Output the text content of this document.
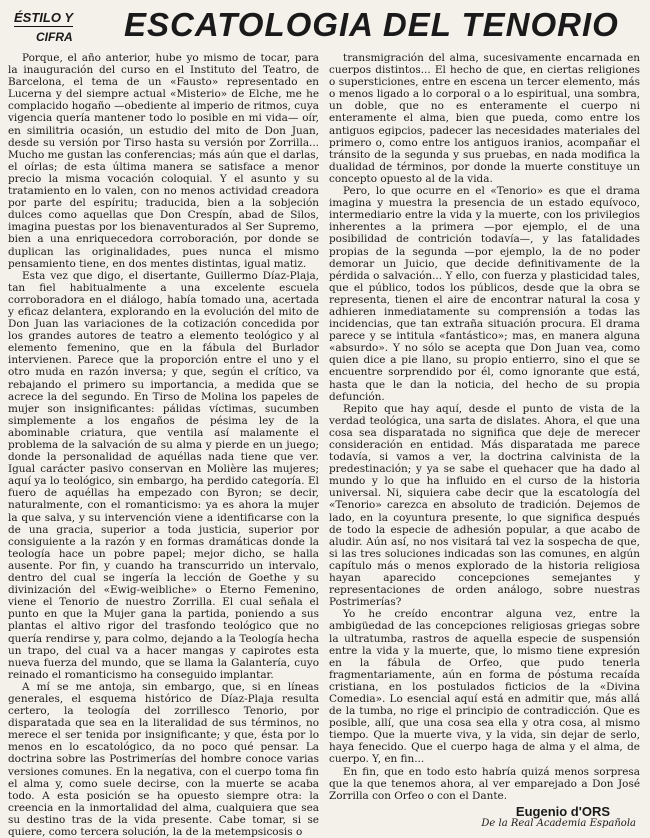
ÉSTILO Y
CIFRA ESCATOLOGIA DEL TENORIO

Porque, el año anterior, hube yo mismo de tocar, para la inauguración del curso en el Instituto del Teatro, de Barcelona, el tema de un «Fausto» representado en Lucerna y del siempre actual «Misterio» de Elche, me he complacido hogaño —obediente al imperio de ritmos, cuya vigencia quería mantener todo lo posible en mi vida— oír, en similitria ocasión, un estudio del mito de Don Juan, desde su versión por Tirso hasta su versión por Zorrilla... Mucho me gustan las conferencias; más aún que el darlas, el oírlas; de esta última manera se satisface a menor precio la misma vocación coloquial. Y el asunto y su tratamiento en lo valen, con no menos actividad creadora por parte del espíritu; traducida, bien a la sobjeción dulces como aquellas que Don Crespín, abad de Silos, imagina puestas por los bienaventurados al Ser Supremo, bien a una enriquecedora corroboración, por donde se duplican las originalidades, pues nunca el mismo pensamiento tiene, en dos mentes distintas, igual matiz.

Esta vez que digo, el disertante, Guillermo Díaz-Plaja, tan fiel habitualmente a una excelente escuela corroboradora en el diálogo, había tomado una, acertada y eficaz delantera, explorando en la evolución del mito de Don Juan las variaciones de la cotización concedida por los grandes autores de teatro a elemento teológico y al elemento femenino, que en la fábula del Burlador intervienen. Parece que la proporción entre el uno y el otro muda en razón inversa; y que, según el crítico, va rebajando el primero su importancia, a medida que se acrece la del segundo. En Tirso de Molina los papeles de mujer son insignificantes: pálidas víctimas, sucumben simplemente a los engaños de pésima ley de la abominable criatura, que ventila así malamente el problema de la salvación de su alma y pierde en un juego; donde la personalidad de aquéllas nada tiene que ver. Igual carácter pasivo conservan en Molière las mujeres; aquí ya lo teológico, sin embargo, ha perdido categoría. El fuero de aquéllas ha empezado con Byron; se decir, naturalmente, con el romanticismo: ya es ahora la mujer la que salva, y su intervención viene a identificarse con la de una gracia, superior a toda justicia, superior por consiguiente a la razón y en formas dramáticas donde la teología hace un pobre papel; mejor dicho, se halla ausente. Por fin, y cuando ha transcurrido un intervalo, dentro del cual se ingería la lección de Goethe y su divinización del «Ewig-weibliche» o Eterno Femenino, viene el Tenorio de nuestro Zorrilla. El cual señala el punto en que la Mujer gana la partida, poniendo a sus plantas el altivo rigor del trasfondo teológico que no quería rendirse y, para colmo, dejando a la Teología hecha un trapo, del cual va a hacer mangas y capirotes esta nueva fuerza del mundo, que se llama la Galantería, cuyo reinado el romanticismo ha conseguido implantar.

A mí se me antoja, sin embargo, que, si en líneas generales, el esquema histórico de Díaz-Plaja resulta certero, la teología del zorrillesco Tenorio, por disparatada que sea en la literalidad de sus términos, no merece el ser tenida por insignificante; y que, ésta por lo menos en lo escatológico, da no poco qué pensar. La doctrina sobre las Postrimerías del hombre conoce varias versiones comunes. En la negativa, con el cuerpo toma fin el alma y, como suele decirse, con la muerte se acaba todo. A esta posición se ha opuesto siempre otra: la creencia en la inmortalidad del alma, cualquiera que sea su destino tras de la vida presente. Cabe tomar, si se quiere, como tercera solución, la de la metempsicosis o

transmigración del alma, sucesivamente encarnada en cuerpos distintos... El hecho de que, en ciertas religiones o supersticiones, entre en escena un tercer elemento, más o menos ligado a lo corporal o a lo espiritual, una sombra, un doble, que no es enteramente el cuerpo ni enteramente el alma, bien que pueda, como entre los antiguos egipcios, padecer las necesidades materiales del primero o, como entre los antiguos iranios, acompañar el tránsito de la segunda y sus pruebas, en nada modifica la dualidad de términos, por donde la muerte constituye un concepto opuesto al de la vida.

Pero, lo que ocurre en el «Tenorio» es que el drama imagina y muestra la presencia de un estado equívoco, intermediario entre la vida y la muerte, con los privilegios inherentes a la primera —por ejemplo, el de una posibilidad de contrición todavía—, y las fatalidades propias de la segunda —por ejemplo, la de no poder demorar un Juicio, que decide definitivamente de la pérdida o salvación... Y ello, con fuerza y plasticidad tales, que el público, todos los públicos, desde que la obra se representa, tienen el aire de encontrar natural la cosa y adhieren inmediatamente su comprensión a todas las incidencias, que tan extraña situación procura. El drama parece y se intitula «fantástico»; mas, en manera alguna «absurdo». Y no sólo se acepta que Don Juan vea, como quien dice a pie llano, su propio entierro, sino el que se encuentre sorprendido por él, como ignorante que está, hasta que le dan la noticia, del hecho de su propia defunción.

Repito que hay aquí, desde el punto de vista de la verdad teológica, una sarta de dislates. Ahora, el que una cosa sea disparatada no significa que deje de merecer consideración en entidad. Más disparatada me parece todavía, si vamos a ver, la doctrina calvinista de la predestinación; y ya se sabe el quehacer que ha dado al mundo y lo que ha influido en el curso de la historia universal. Ni, siquiera cabe decir que la escatología del «Tenorio» carezca en absoluto de tradición. Dejemos de lado, en la coyuntura presente, lo que significa después de todo la especie de adhesión popular, a que acabo de aludir. Aún así, no nos visitará tal vez la sospecha de que, si las tres soluciones indicadas son las comunes, en algún capítulo más o menos explorado de la historia religiosa hayan aparecido concepciones semejantes y representaciones de orden análogo, sobre nuestras Postrimerías?

Yo he creído encontrar alguna vez, entre la ambigüedad de las concepciones religiosas griegas sobre la ultratumba, rastros de aquella especie de suspensión entre la vida y la muerte, que, lo mismo tiene expresión en la fábula de Orfeo, que pudo tenerla fragmentariamente, aún en forma de póstuma recaída cristiana, en los postulados ficticios de la «Divina Comedia». Lo esencial aquí está en admitir que, más allá de la tumba, no rige el principio de contradicción. Que es posible, allí, que una cosa sea ella y otra cosa, al mismo tiempo. Que la muerte viva, y la vida, sin dejar de serlo, haya fenecido. Que el cuerpo haga de alma y el alma, de cuerpo. Y, en fin...

En fin, que en todo esto habría quizá menos sorpresa que la que tenemos ahora, al ver emparejado a Don José Zorrilla con Orfeo o con el Dante.

Eugenio d'ORS
De la Real Academia Española
